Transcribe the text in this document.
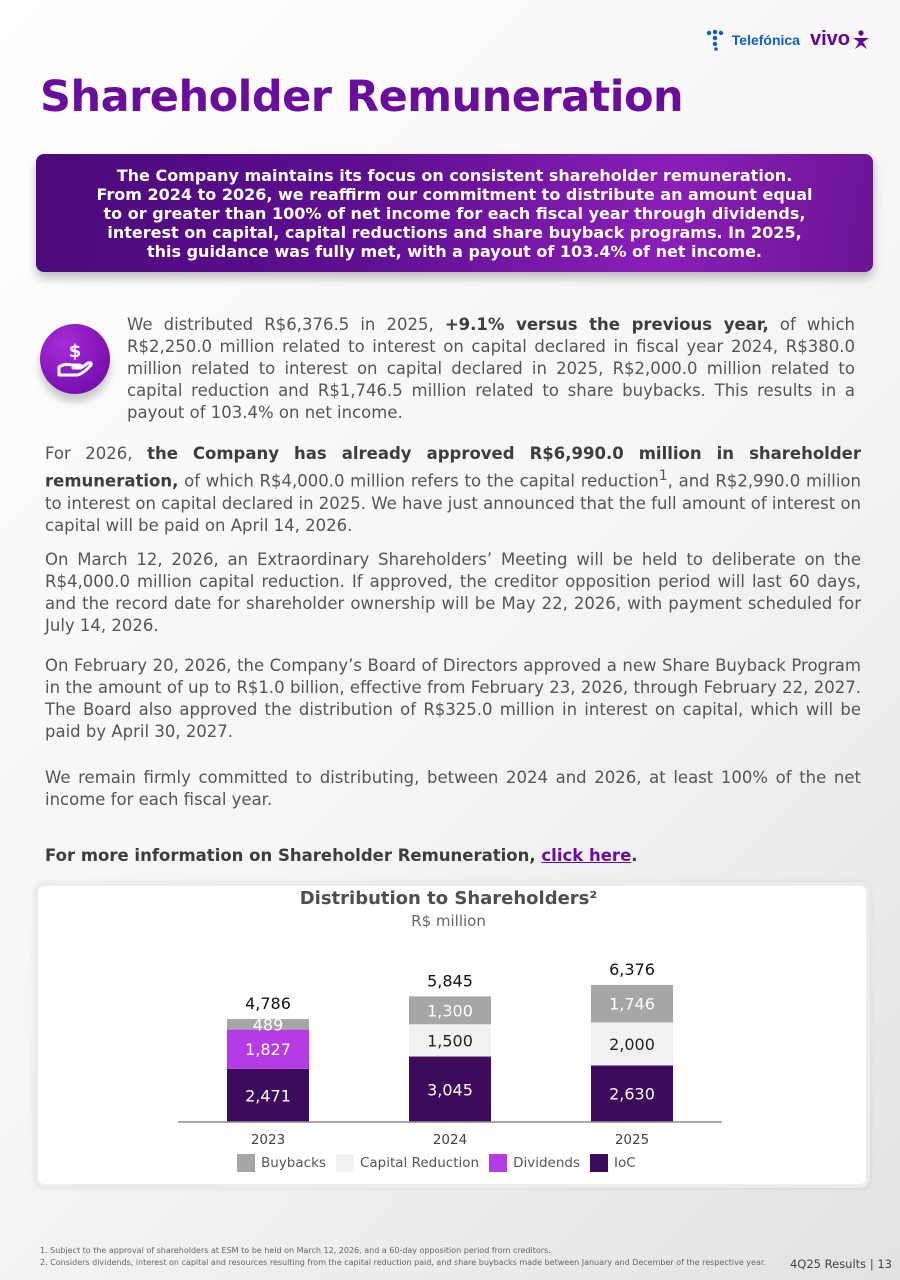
Telefónica vivo
Shareholder Remuneration
The Company maintains its focus on consistent shareholder remuneration. From 2024 to 2026, we reaffirm our commitment to distribute an amount equal to or greater than 100% of net income for each fiscal year through dividends, interest on capital, capital reductions and share buyback programs. In 2025, this guidance was fully met, with a payout of 103.4% of net income.
$

We distributed R$6,376.5 in 2025, +9.1% versus the previous year, of which R$2,250.0 million related to interest on capital declared in fiscal year 2024, R$380.0 million related to interest on capital declared in 2025, R$2,000.0 million related to capital reduction and R$1,746.5 million related to share buybacks. This results in a payout of 103.4% on net income.

For 2026, the Company has already approved R$6,990.0 million in shareholder remuneration, of which R$4,000.0 million refers to the capital reduction$^1$, and R$2,990.0 million to interest on capital declared in 2025. We have just announced that the full amount of interest on capital will be paid on April 14, 2026.

On March 12, 2026, an Extraordinary Shareholders’ Meeting will be held to deliberate on the R$4,000.0 million capital reduction. If approved, the creditor opposition period will last 60 days, and the record date for shareholder ownership will be May 22, 2026, with payment scheduled for July 14, 2026.

On February 20, 2026, the Company’s Board of Directors approved a new Share Buyback Program in the amount of up to R$1.0 billion, effective from February 23, 2026, through February 22, 2027. The Board also approved the distribution of R$325.0 million in interest on capital, which will be paid by April 30, 2027.

We remain firmly committed to distributing, between 2024 and 2026, at least 100% of the net income for each fiscal year.

For more information on Shareholder Remuneration, click here.

Distribution to Shareholders²
R$ million
2,471
1,827
489
4,786
2023
3,045
1,500
1,300
5,845
2024
2,630
2,000
1,746
6,376
2025
Buybacks	Capital Reduction	Dividends	IoC
1. Subject to the approval of shareholders at ESM to be held on March 12, 2026, and a 60-day opposition period from creditors.
2. Considers dividends, interest on capital and resources resulting from the capital reduction paid, and share buybacks made between January and December of the respective year. 4Q25 Results | 13
